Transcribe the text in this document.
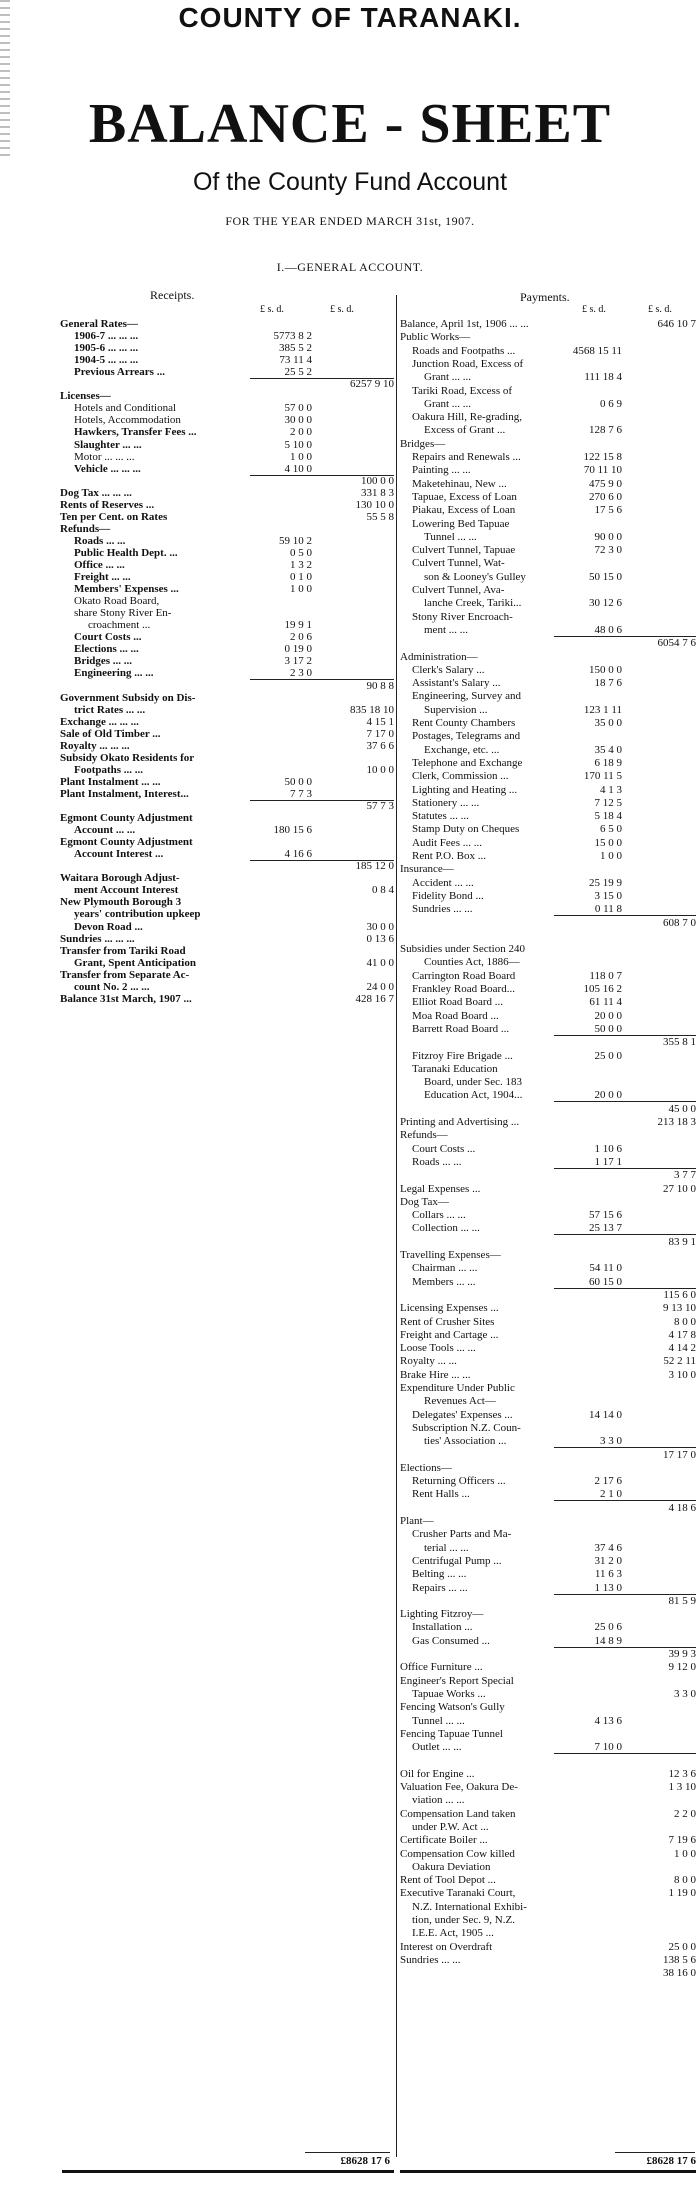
COUNTY OF TARANAKI.
BALANCE - SHEET
Of the County Fund Account
FOR THE YEAR ENDED MARCH 31st, 1907.
I.—GENERAL ACCOUNT.
Receipts.	Payments.
£ s. d.	£ s. d.	£ s. d.	£ s. d.
General Rates—
1906-7 ... ... ...	5773 8 2
1905-6 ... ... ...	385 5 2
1904-5 ... ... ...	73 11 4
Previous Arrears ...	25 5 2
6257 9 10
Licenses—
Hotels and Conditional	57 0 0
Hotels, Accommodation	30 0 0
Hawkers, Transfer Fees ...	2 0 0
Slaughter ... ...	5 10 0
Motor ... ... ...	1 0 0
Vehicle ... ... ...	4 10 0
100 0 0
Dog Tax ... ... ...	331 8 3
Rents of Reserves ...	130 10 0
Ten per Cent. on Rates	55 5 8
Refunds—
Roads ... ...	59 10 2
Public Health Dept. ...	0 5 0
Office ... ...	1 3 2
Freight ... ...	0 1 0
Members' Expenses ...	1 0 0
Okato Road Board,
share Stony River En-
croachment ...	19 9 1
Court Costs ...	2 0 6
Elections ... ...	0 19 0
Bridges ... ...	3 17 2
Engineering ... ...	2 3 0
90 8 8
Government Subsidy on Dis-
trict Rates ... ...	835 18 10
Exchange ... ... ...	4 15 1
Sale of Old Timber ...	7 17 0
Royalty ... ... ...	37 6 6
Subsidy Okato Residents for
Footpaths ... ...	10 0 0
Plant Instalment ... ...	50 0 0
Plant Instalment, Interest...	7 7 3
57 7 3
Egmont County Adjustment
Account ... ...	180 15 6
Egmont County Adjustment
Account Interest ...	4 16 6
185 12 0
Waitara Borough Adjust-
ment Account Interest	0 8 4
New Plymouth Borough 3
years' contribution upkeep
Devon Road ...	30 0 0
Sundries ... ... ...	0 13 6
Transfer from Tariki Road
Grant, Spent Anticipation	41 0 0
Transfer from Separate Ac-
count No. 2 ... ...	24 0 0
Balance 31st March, 1907 ...	428 16 7
Balance, April 1st, 1906 ... ...	646 10 7
Public Works—
Roads and Footpaths ...	4568 15 11
Junction Road, Excess of
Grant ... ...	111 18 4
Tariki Road, Excess of
Grant ... ...	0 6 9
Oakura Hill, Re-grading,
Excess of Grant ...	128 7 6
Bridges—
Repairs and Renewals ...	122 15 8
Painting ... ...	70 11 10
Maketehinau, New ...	475 9 0
Tapuae, Excess of Loan	270 6 0
Piakau, Excess of Loan	17 5 6
Lowering Bed Tapuae
Tunnel ... ...	90 0 0
Culvert Tunnel, Tapuae	72 3 0
Culvert Tunnel, Wat-
son & Looney's Gulley	50 15 0
Culvert Tunnel, Ava-
lanche Creek, Tariki...	30 12 6
Stony River Encroach-
ment ... ...	48 0 6
6054 7 6
Administration—
Clerk's Salary ...	150 0 0
Assistant's Salary ...	18 7 6
Engineering, Survey and
Supervision ...	123 1 11
Rent County Chambers	35 0 0
Postages, Telegrams and
Exchange, etc. ...	35 4 0
Telephone and Exchange	6 18 9
Clerk, Commission ...	170 11 5
Lighting and Heating ...	4 1 3
Stationery ... ...	7 12 5
Statutes ... ...	5 18 4
Stamp Duty on Cheques	6 5 0
Audit Fees ... ...	15 0 0
Rent P.O. Box ...	1 0 0
Insurance—
Accident ... ...	25 19 9
Fidelity Bond ...	3 15 0
Sundries ... ...	0 11 8
608 7 0
Subsidies under Section 240
Counties Act, 1886—
Carrington Road Board	118 0 7
Frankley Road Board...	105 16 2
Elliot Road Board ...	61 11 4
Moa Road Board ...	20 0 0
Barrett Road Board ...	50 0 0
355 8 1
Fitzroy Fire Brigade ...	25 0 0
Taranaki Education
Board, under Sec. 183
Education Act, 1904...	20 0 0
45 0 0
Printing and Advertising ...	213 18 3
Refunds—
Court Costs ...	1 10 6
Roads ... ...	1 17 1
3 7 7
Legal Expenses ...	27 10 0
Dog Tax—
Collars ... ...	57 15 6
Collection ... ...	25 13 7
83 9 1
Travelling Expenses—
Chairman ... ...	54 11 0
Members ... ...	60 15 0
115 6 0
Licensing Expenses ...	9 13 10
Rent of Crusher Sites	8 0 0
Freight and Cartage ...	4 17 8
Loose Tools ... ...	4 14 2
Royalty ... ...	52 2 11
Brake Hire ... ...	3 10 0
Expenditure Under Public
Revenues Act—
Delegates' Expenses ...	14 14 0
Subscription N.Z. Coun-
ties' Association ...	3 3 0
17 17 0
Elections—
Returning Officers ...	2 17 6
Rent Halls ...	2 1 0
4 18 6
Plant—
Crusher Parts and Ma-
terial ... ...	37 4 6
Centrifugal Pump ...	31 2 0
Belting ... ...	11 6 3
Repairs ... ...	1 13 0
81 5 9
Lighting Fitzroy—
Installation ...	25 0 6
Gas Consumed ...	14 8 9
39 9 3
Office Furniture ...	9 12 0
Engineer's Report Special
Tapuae Works ...	3 3 0
Fencing Watson's Gully
Tunnel ... ...	4 13 6
Fencing Tapuae Tunnel
Outlet ... ...	7 10 0
Oil for Engine ...	12 3 6
Valuation Fee, Oakura De-	1 3 10
viation ... ...
Compensation Land taken	2 2 0
under P.W. Act ...
Certificate Boiler ...	7 19 6
Compensation Cow killed	1 0 0
Oakura Deviation
Rent of Tool Depot ...	8 0 0
Executive Taranaki Court,	1 19 0
N.Z. International Exhibi-
tion, under Sec. 9, N.Z.
I.E.E. Act, 1905 ...
Interest on Overdraft	25 0 0
Sundries ... ...	138 5 6
38 16 0
£8628 17 6	£8628 17 6
